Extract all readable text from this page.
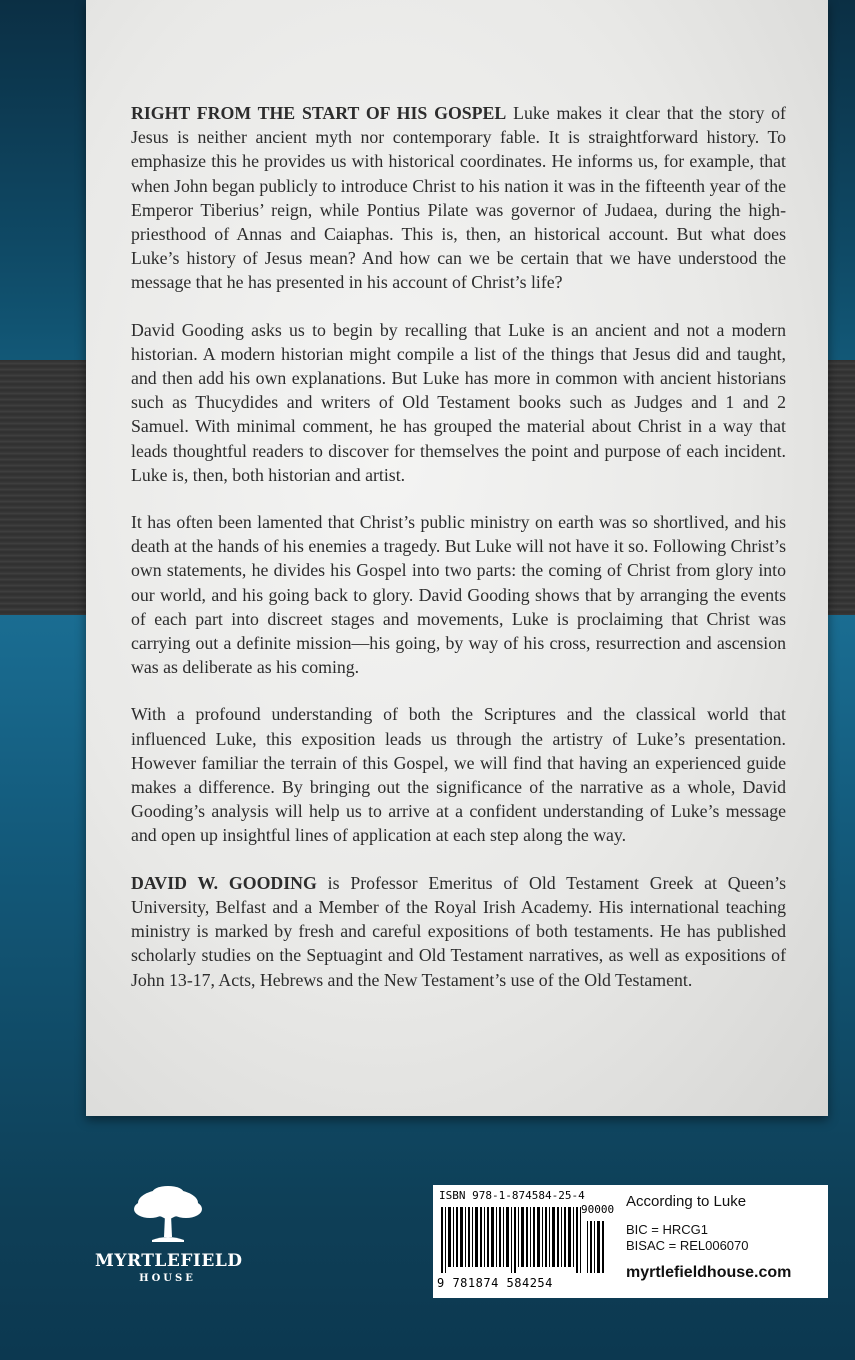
RIGHT FROM THE START OF HIS GOSPEL Luke makes it clear that the story of Jesus is neither ancient myth nor contemporary fable. It is straightforward history. To emphasize this he provides us with historical coordinates. He informs us, for example, that when John began publicly to introduce Christ to his nation it was in the fifteenth year of the Emperor Tiberius’ reign, while Pontius Pilate was governor of Judaea, during the high-priesthood of Annas and Caiaphas. This is, then, an historical account. But what does Luke’s history of Jesus mean? And how can we be certain that we have understood the message that he has presented in his account of Christ’s life?

David Gooding asks us to begin by recalling that Luke is an ancient and not a modern historian. A modern historian might compile a list of the things that Jesus did and taught, and then add his own explanations. But Luke has more in common with ancient historians such as Thucydides and writers of Old Testament books such as Judges and 1 and 2 Samuel. With minimal comment, he has grouped the material about Christ in a way that leads thoughtful readers to discover for themselves the point and purpose of each incident. Luke is, then, both historian and artist.

It has often been lamented that Christ’s public ministry on earth was so shortlived, and his death at the hands of his enemies a tragedy. But Luke will not have it so. Following Christ’s own statements, he divides his Gospel into two parts: the coming of Christ from glory into our world, and his going back to glory. David Gooding shows that by arranging the events of each part into discreet stages and movements, Luke is proclaiming that Christ was carrying out a definite mission—his going, by way of his cross, resurrection and ascension was as deliberate as his coming.

With a profound understanding of both the Scriptures and the classical world that influenced Luke, this exposition leads us through the artistry of Luke’s presentation. However familiar the terrain of this Gospel, we will find that having an experienced guide makes a difference. By bringing out the significance of the narrative as a whole, David Gooding’s analysis will help us to arrive at a confident understanding of Luke’s message and open up insightful lines of application at each step along the way.

DAVID W. GOODING is Professor Emeritus of Old Testament Greek at Queen’s University, Belfast and a Member of the Royal Irish Academy. His international teaching ministry is marked by fresh and careful expositions of both testaments. He has published scholarly studies on the Septuagint and Old Testament narratives, as well as expositions of John 13-17, Acts, Hebrews and the New Testament’s use of the Old Testament.

MYRTLEFIELD
HOUSE
ISBN 978-1-874584-25-4
90000
9 781874 584254
According to Luke
BIC = HRCG1
BISAC = REL006070
myrtlefieldhouse.com
